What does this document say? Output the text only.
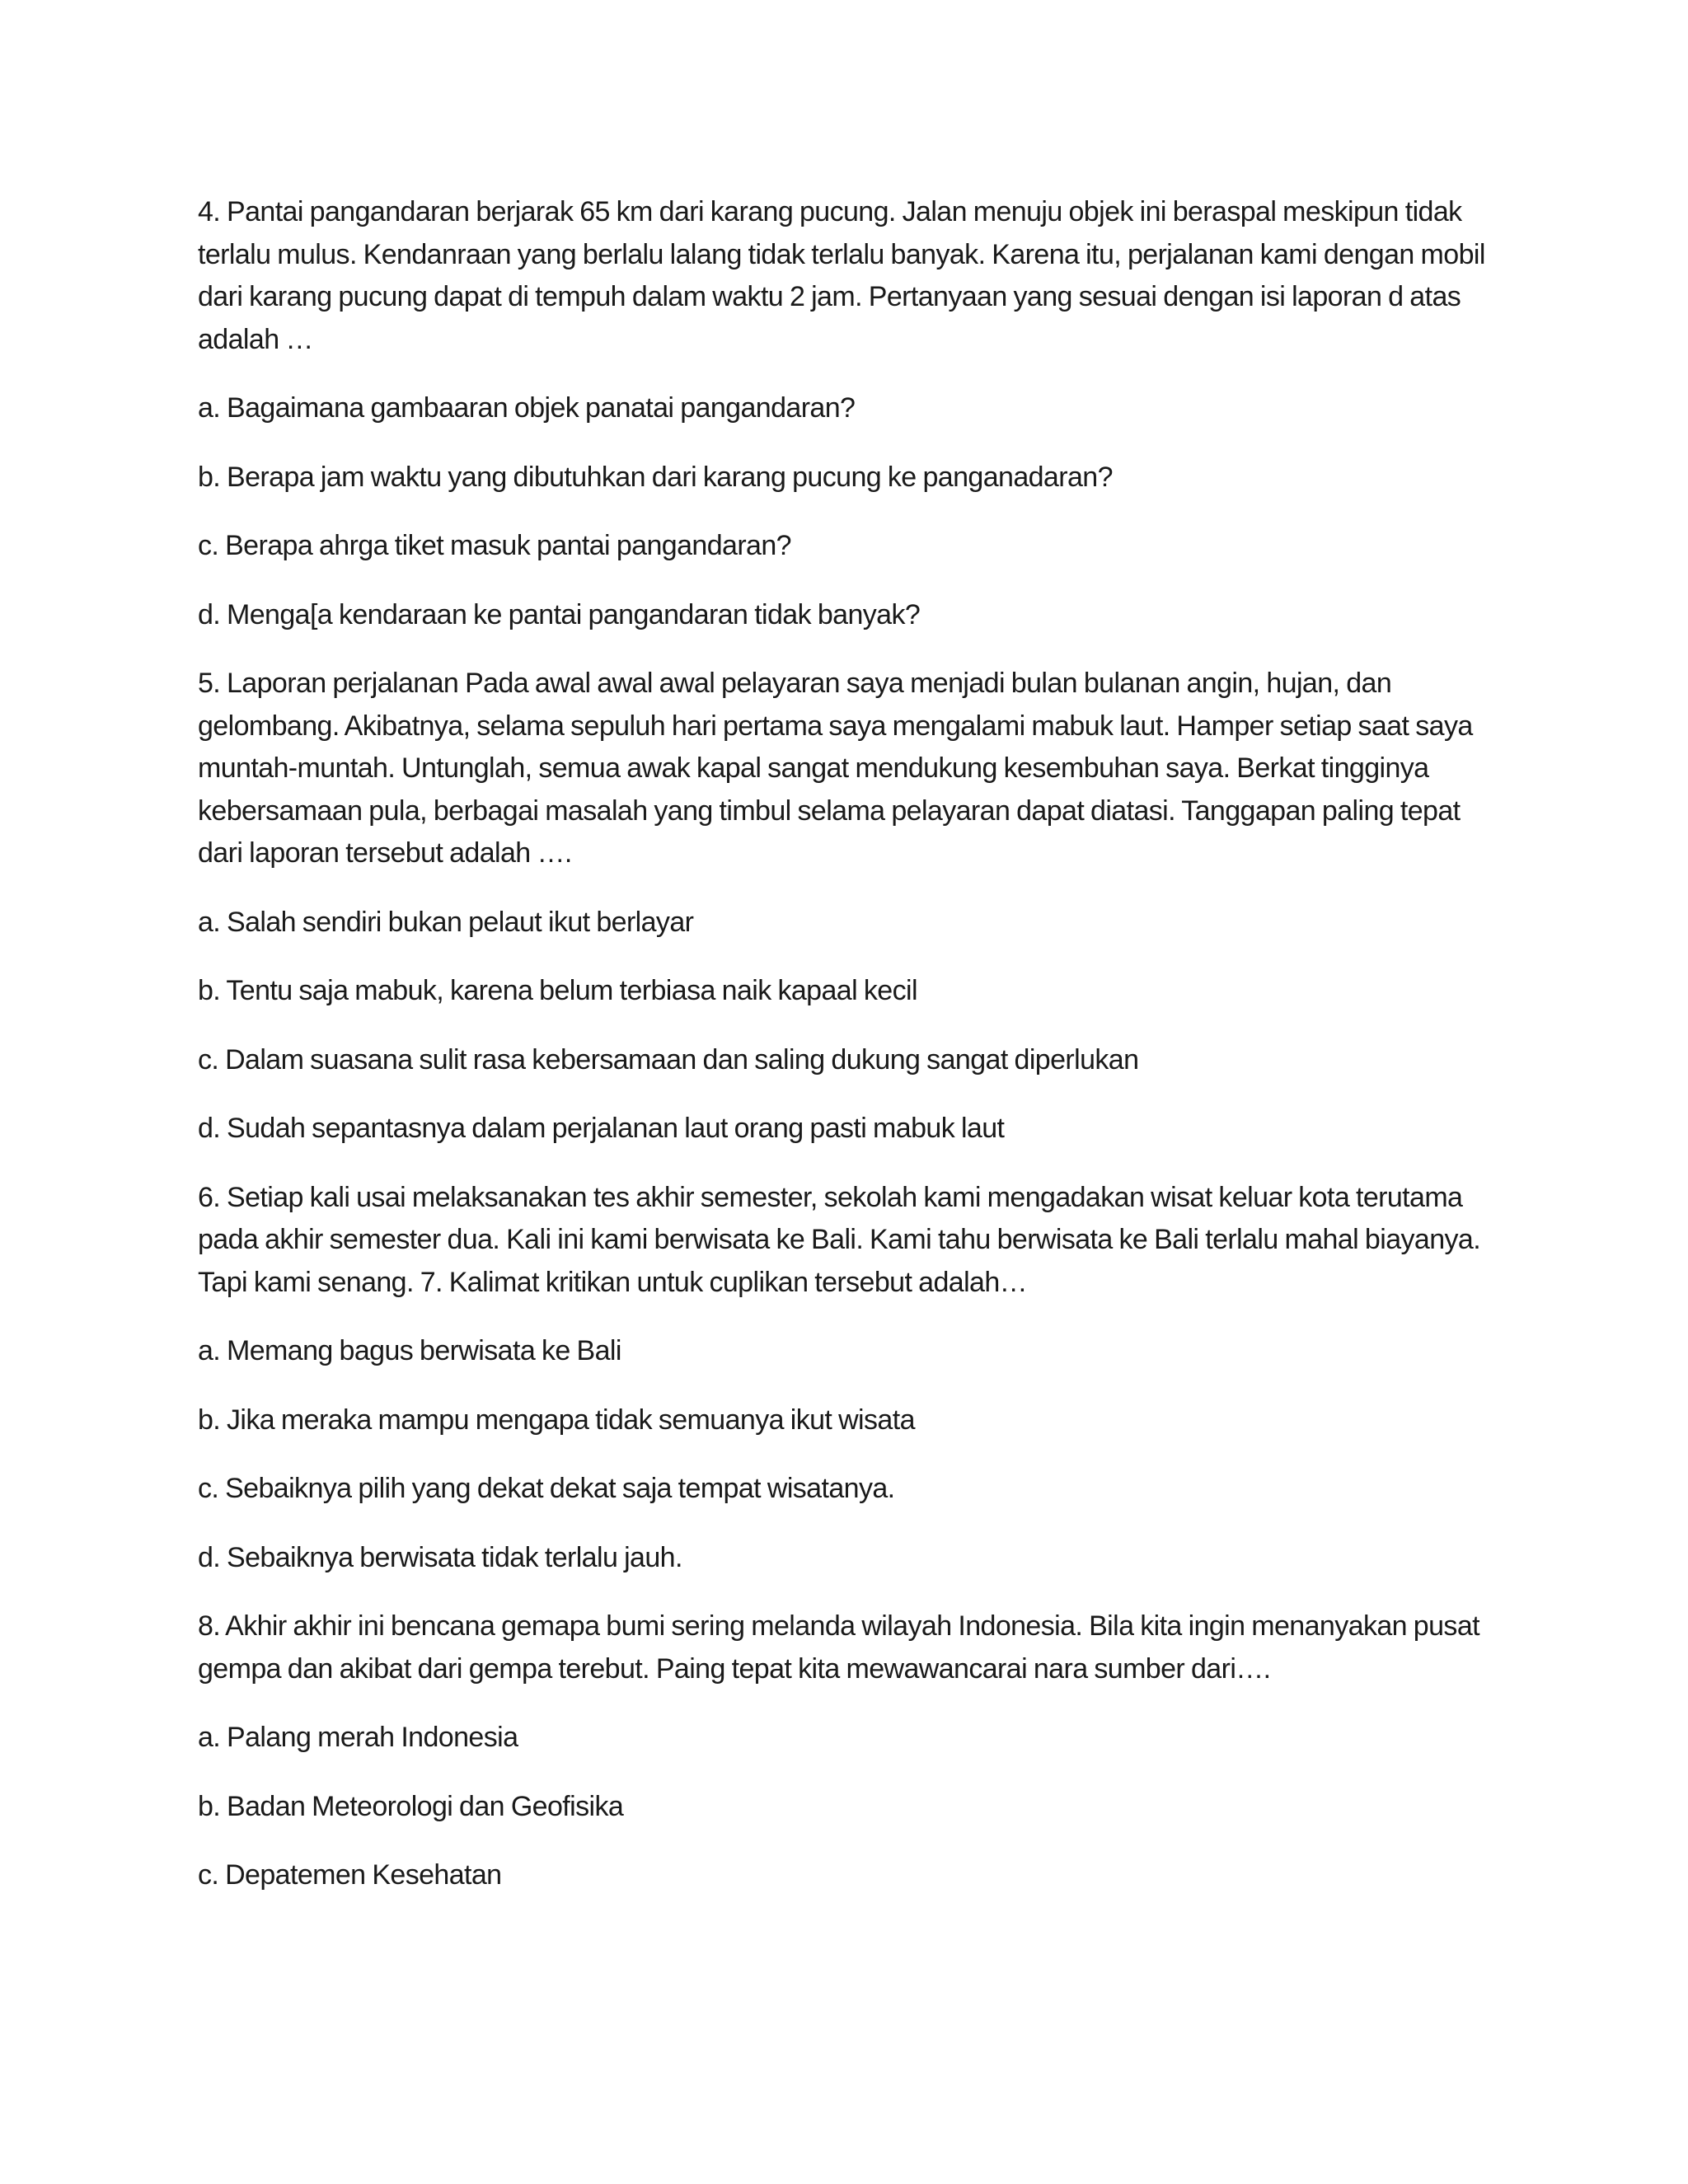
4. Pantai pangandaran berjarak 65 km dari karang pucung. Jalan menuju objek ini beraspal meskipun tidak terlalu mulus. Kendanraan yang berlalu lalang tidak terlalu banyak. Karena itu, perjalanan kami dengan mobil dari karang pucung dapat di tempuh dalam waktu 2 jam. Pertanyaan yang sesuai dengan isi laporan d atas adalah …

a. Bagaimana gambaaran objek panatai pangandaran?

b. Berapa jam waktu yang dibutuhkan dari karang pucung ke panganadaran?

c. Berapa ahrga tiket masuk pantai pangandaran?

d. Menga[a kendaraan ke pantai pangandaran tidak banyak?

5. Laporan perjalanan Pada awal awal awal pelayaran saya menjadi bulan bulanan angin, hujan, dan gelombang. Akibatnya, selama sepuluh hari pertama saya mengalami mabuk laut. Hamper setiap saat saya muntah-muntah. Untunglah, semua awak kapal sangat mendukung kesembuhan saya. Berkat tingginya kebersamaan pula, berbagai masalah yang timbul selama pelayaran dapat diatasi. Tanggapan paling tepat dari laporan tersebut adalah ….

a. Salah sendiri bukan pelaut ikut berlayar

b. Tentu saja mabuk, karena belum terbiasa naik kapaal kecil

c. Dalam suasana sulit rasa kebersamaan dan saling dukung sangat diperlukan

d. Sudah sepantasnya dalam perjalanan laut orang pasti mabuk laut

6. Setiap kali usai melaksanakan tes akhir semester, sekolah kami mengadakan wisat keluar kota terutama pada akhir semester dua. Kali ini kami berwisata ke Bali. Kami tahu berwisata ke Bali terlalu mahal biayanya. Tapi kami senang. 7. Kalimat kritikan untuk cuplikan tersebut adalah…

a. Memang bagus berwisata ke Bali

b. Jika meraka mampu mengapa tidak semuanya ikut wisata

c. Sebaiknya pilih yang dekat dekat saja tempat wisatanya.

d. Sebaiknya berwisata tidak terlalu jauh.

8. Akhir akhir ini bencana gemapa bumi sering melanda wilayah Indonesia. Bila kita ingin menanyakan pusat gempa dan akibat dari gempa terebut. Paing tepat kita mewawancarai nara sumber dari….

a. Palang merah Indonesia

b. Badan Meteorologi dan Geofisika

c. Depatemen Kesehatan
